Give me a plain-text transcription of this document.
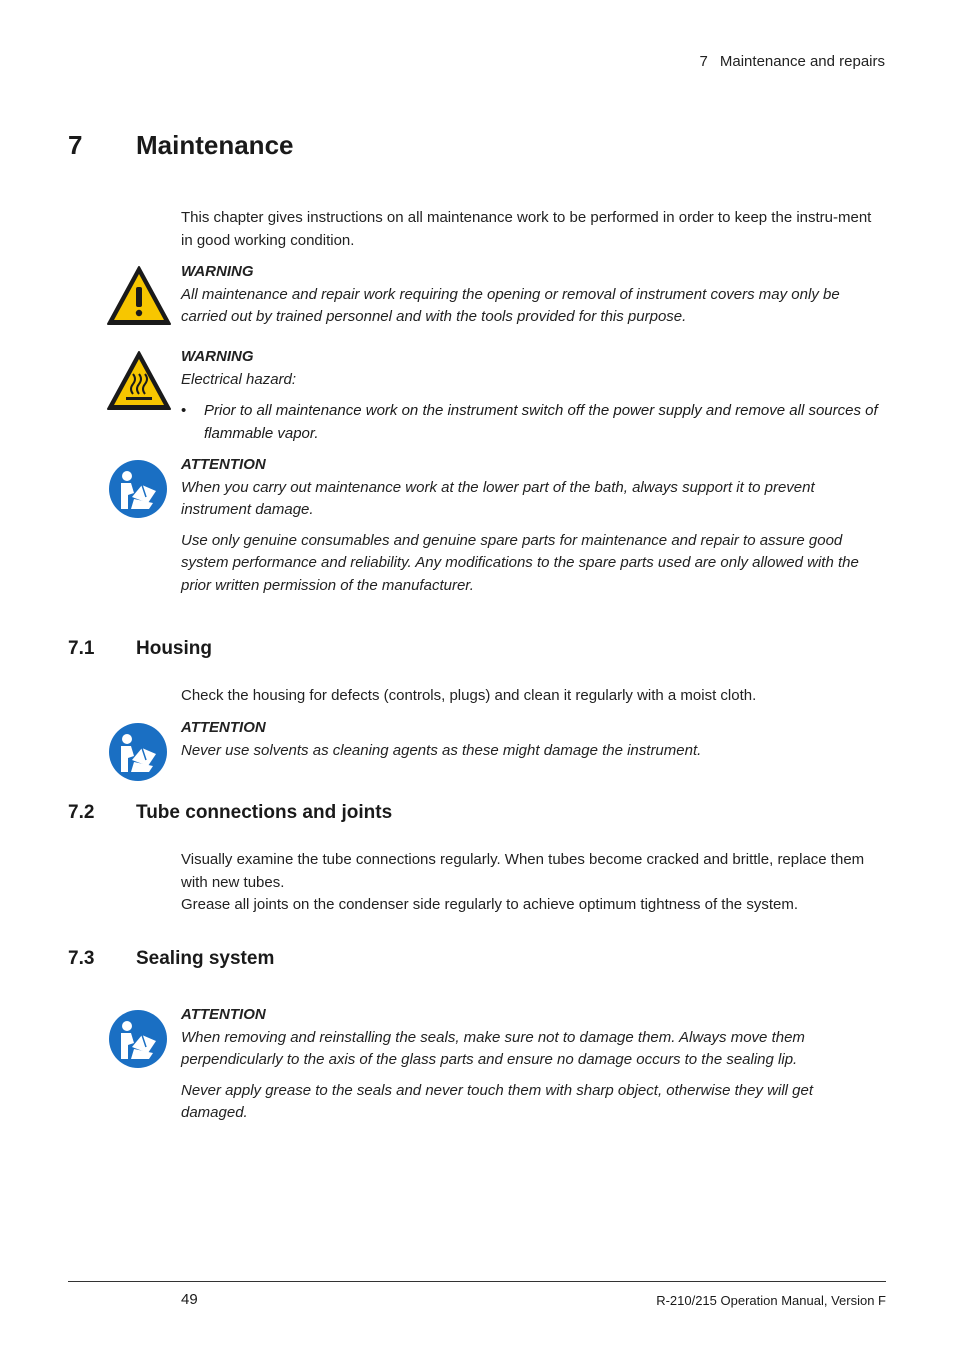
7 Maintenance and repairs
7 Maintenance
This chapter gives instructions on all maintenance work to be performed in order to keep the instru-ment in good working condition.
WARNING
All maintenance and repair work requiring the opening or removal of instrument covers may only be carried out by trained personnel and with the tools provided for this purpose.
WARNING
Electrical hazard:
• Prior to all maintenance work on the instrument switch off the power supply and remove all sources of flammable vapor.
ATTENTION
When you carry out maintenance work at the lower part of the bath, always support it to prevent instrument damage.
Use only genuine consumables and genuine spare parts for maintenance and repair to assure good system performance and reliability. Any modifications to the spare parts used are only allowed with the prior written permission of the manufacturer.
7.1 Housing
Check the housing for defects (controls, plugs) and clean it regularly with a moist cloth.
ATTENTION
Never use solvents as cleaning agents as these might damage the instrument.
7.2 Tube connections and joints
Visually examine the tube connections regularly. When tubes become cracked and brittle, replace them with new tubes.
Grease all joints on the condenser side regularly to achieve optimum tightness of the system.
7.3 Sealing system
ATTENTION
When removing and reinstalling the seals, make sure not to damage them. Always move them perpendicularly to the axis of the glass parts and ensure no damage occurs to the sealing lip.
Never apply grease to the seals and never touch them with sharp object, otherwise they will get damaged.
49	R-210/215 Operation Manual, Version F
